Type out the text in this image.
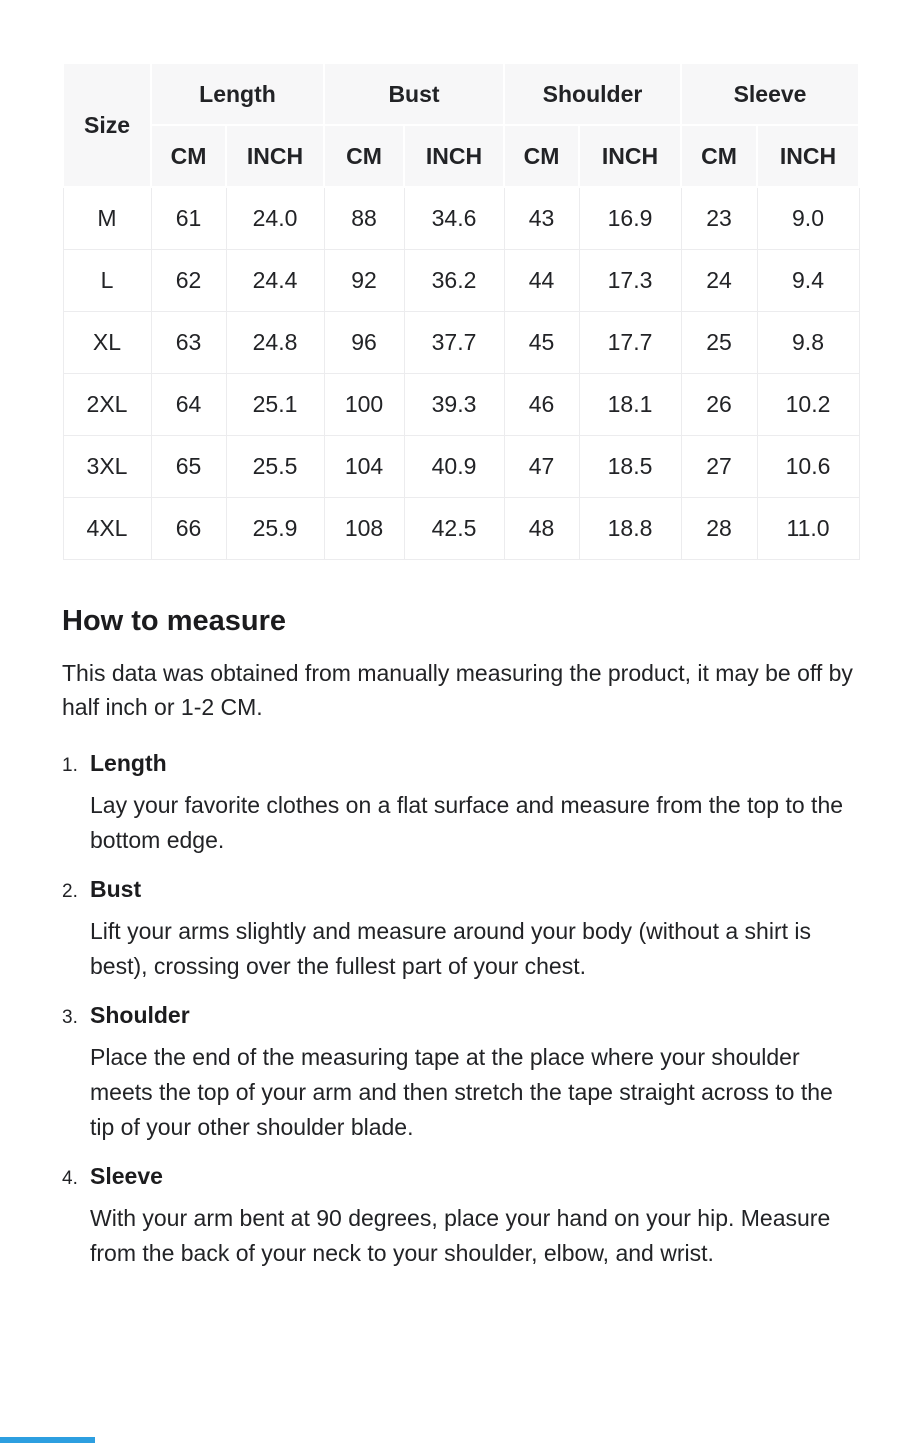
Size	Length		Bust		Shoulder		Sleeve	
	CM	INCH	CM	INCH	CM	INCH	CM	INCH
M	61	24.0	88	34.6	43	16.9	23	9.0
L	62	24.4	92	36.2	44	17.3	24	9.4
XL	63	24.8	96	37.7	45	17.7	25	9.8
2XL	64	25.1	100	39.3	46	18.1	26	10.2
3XL	65	25.5	104	40.9	47	18.5	27	10.6
4XL	66	25.9	108	42.5	48	18.8	28	11.0
How to measure

This data was obtained from manually measuring the product, it may be off by half inch or 1-2 CM.

1. Length
Lay your favorite clothes on a flat surface and measure from the top to the bottom edge.
2. Bust
Lift your arms slightly and measure around your body (without a shirt is best), crossing over the fullest part of your chest.
3. Shoulder
Place the end of the measuring tape at the place where your shoulder meets the top of your arm and then stretch the tape straight across to the tip of your other shoulder blade.
4. Sleeve
With your arm bent at 90 degrees, place your hand on your hip. Measure from the back of your neck to your shoulder, elbow, and wrist.
